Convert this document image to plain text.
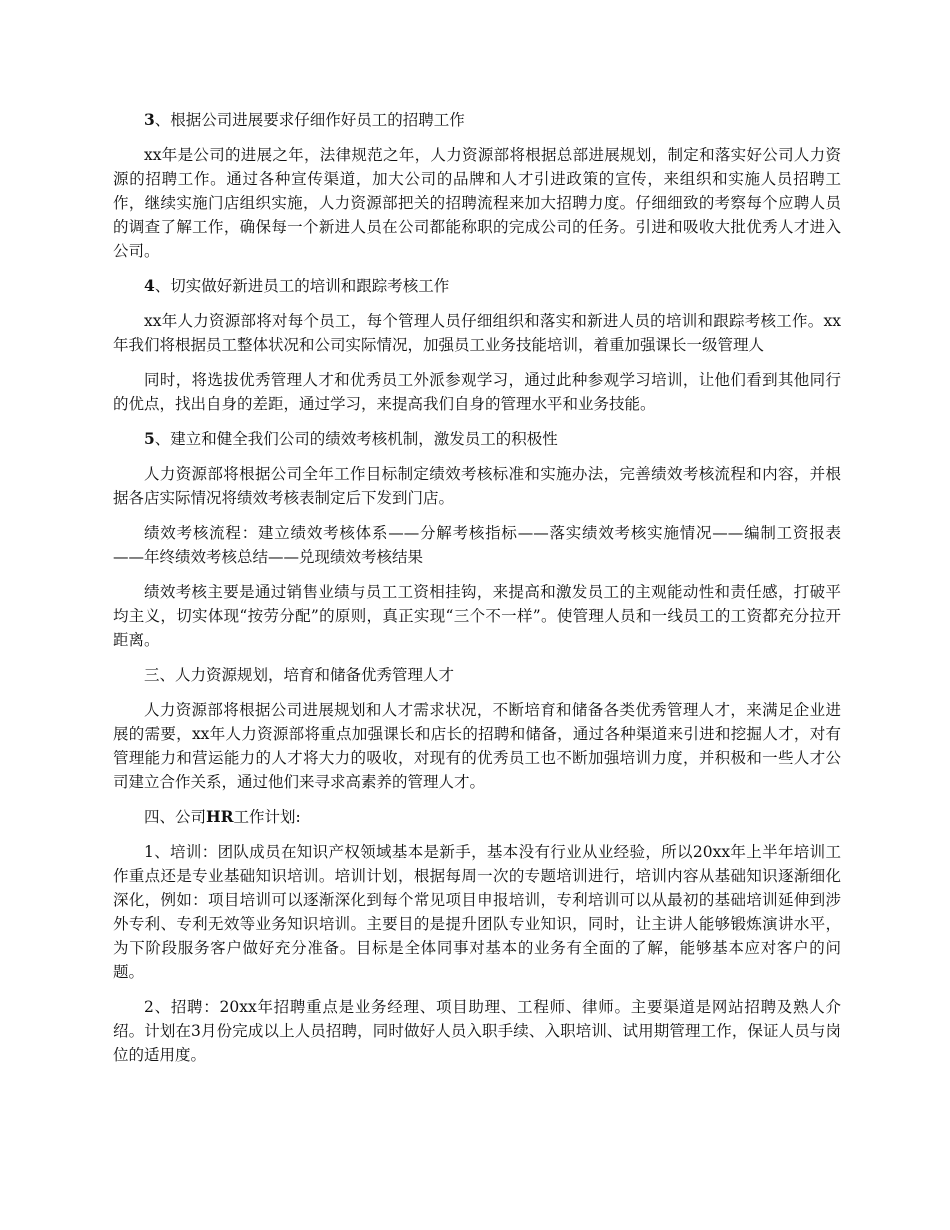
3、根据公司进展要求仔细作好员工的招聘工作

xx年是公司的进展之年，法律规范之年，人力资源部将根据总部进展规划，制定和落实好公司人力资源的招聘工作。通过各种宣传渠道，加大公司的品牌和人才引进政策的宣传，来组织和实施人员招聘工作，继续实施门店组织实施，人力资源部把关的招聘流程来加大招聘力度。仔细细致的考察每个应聘人员的调查了解工作，确保每一个新进人员在公司都能称职的完成公司的任务。引进和吸收大批优秀人才进入公司。

4、切实做好新进员工的培训和跟踪考核工作

xx年人力资源部将对每个员工，每个管理人员仔细组织和落实和新进人员的培训和跟踪考核工作。xx年我们将根据员工整体状况和公司实际情况，加强员工业务技能培训，着重加强课长一级管理人

同时，将选拔优秀管理人才和优秀员工外派参观学习，通过此种参观学习培训，让他们看到其他同行的优点，找出自身的差距，通过学习，来提高我们自身的管理水平和业务技能。

5、建立和健全我们公司的绩效考核机制，激发员工的积极性

人力资源部将根据公司全年工作目标制定绩效考核标准和实施办法，完善绩效考核流程和内容，并根据各店实际情况将绩效考核表制定后下发到门店。

绩效考核流程：建立绩效考核体系——分解考核指标——落实绩效考核实施情况——编制工资报表——年终绩效考核总结——兑现绩效考核结果

绩效考核主要是通过销售业绩与员工工资相挂钩，来提高和激发员工的主观能动性和责任感，打破平均主义，切实体现“按劳分配”的原则，真正实现“三个不一样”。使管理人员和一线员工的工资都充分拉开距离。

三、人力资源规划，培育和储备优秀管理人才

人力资源部将根据公司进展规划和人才需求状况，不断培育和储备各类优秀管理人才，来满足企业进展的需要，xx年人力资源部将重点加强课长和店长的招聘和储备，通过各种渠道来引进和挖掘人才，对有管理能力和营运能力的人才将大力的吸收，对现有的优秀员工也不断加强培训力度，并积极和一些人才公司建立合作关系，通过他们来寻求高素养的管理人才。

四、公司HR工作计划:

1、培训：团队成员在知识产权领域基本是新手，基本没有行业从业经验，所以20xx年上半年培训工作重点还是专业基础知识培训。培训计划，根据每周一次的专题培训进行，培训内容从基础知识逐渐细化深化，例如：项目培训可以逐渐深化到每个常见项目申报培训，专利培训可以从最初的基础培训延伸到涉外专利、专利无效等业务知识培训。主要目的是提升团队专业知识，同时，让主讲人能够锻炼演讲水平，为下阶段服务客户做好充分准备。目标是全体同事对基本的业务有全面的了解，能够基本应对客户的问题。

2、招聘：20xx年招聘重点是业务经理、项目助理、工程师、律师。主要渠道是网站招聘及熟人介绍。计划在3月份完成以上人员招聘，同时做好人员入职手续、入职培训、试用期管理工作，保证人员与岗位的适用度。
